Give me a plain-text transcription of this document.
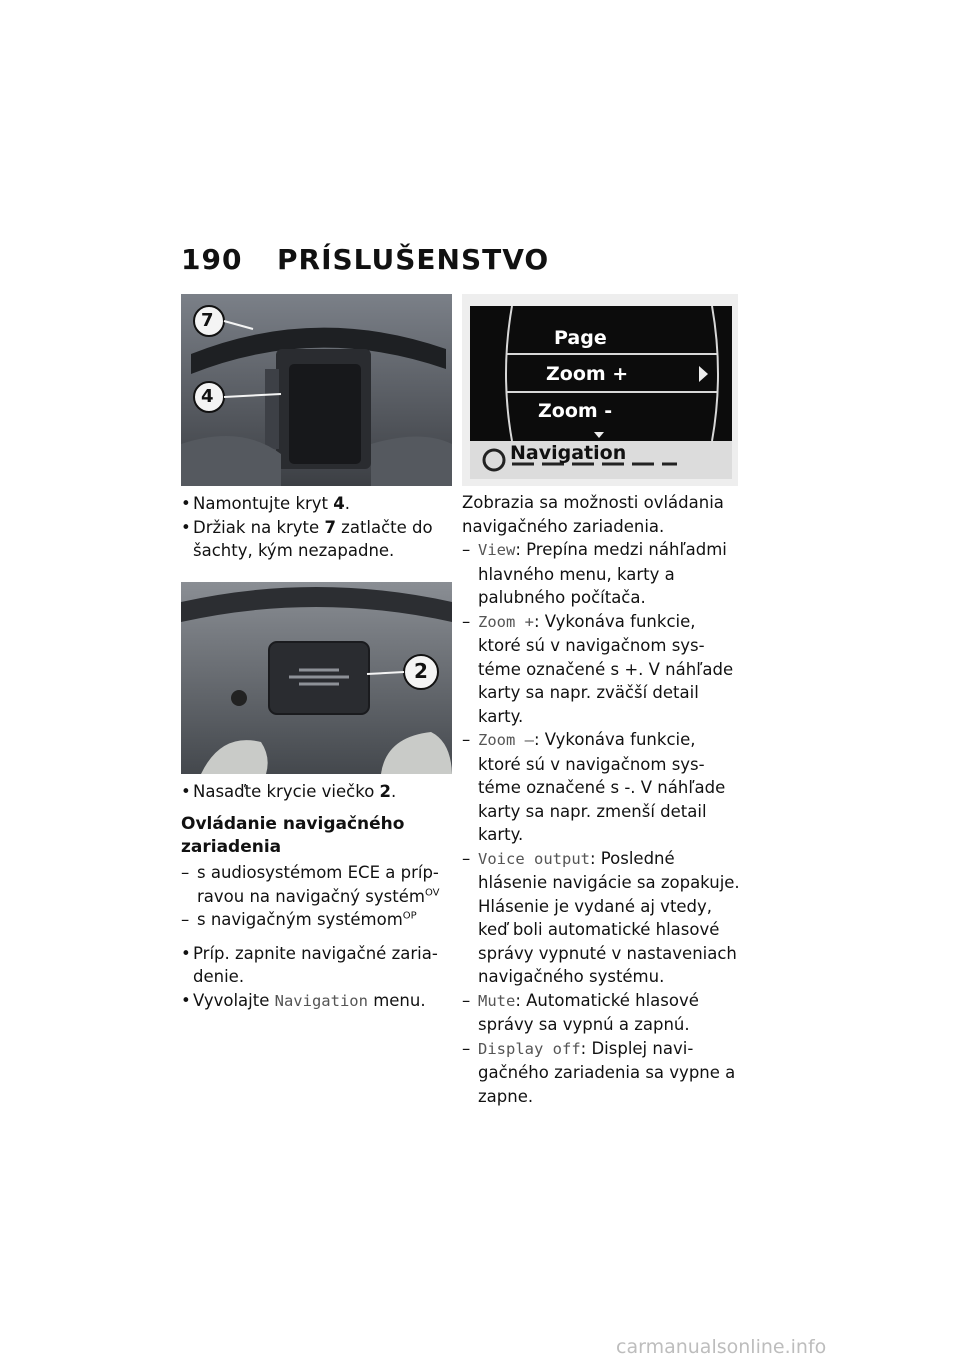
190 PRÍSLUŠENSTVO
7
4
• Namontujte kryt 4.
• Držiak na kryte 7 zatlačte do šachty, kým nezapadne.
2
• Nasaďte krycie viečko 2.
Ovládanie navigačného zariadenia
– s audiosystémom ECE a prípravou na navigačný systém$^{OV}$
– s navigačným systémom$^{OP}$
• Príp. zapnite navigačné zariadenie.
• Vyvolajte Navigation menu.
Page
Zoom +
Zoom -
Navigation
Zobrazia sa možnosti ovládania navigačného zariadenia.
– View: Prepína medzi náhľadmi hlavného menu, karty a palubného počítača.
– Zoom +: Vykonáva funkcie, ktoré sú v navigačnom systéme označené s +. V náhľade karty sa napr. zväčší detail karty.
– Zoom –: Vykonáva funkcie, ktoré sú v navigačnom systéme označené s -. V náhľade karty sa napr. zmenší detail karty.
– Voice output: Posledné hlásenie navigácie sa zopakuje. Hlásenie je vydané aj vtedy, keď boli automatické hlasové správy vypnuté v nastaveniach navigačného systému.
– Mute: Automatické hlasové správy sa vypnú a zapnú.
– Display off: Displej navigačného zariadenia sa vypne a zapne.
carmanualsonline.info
